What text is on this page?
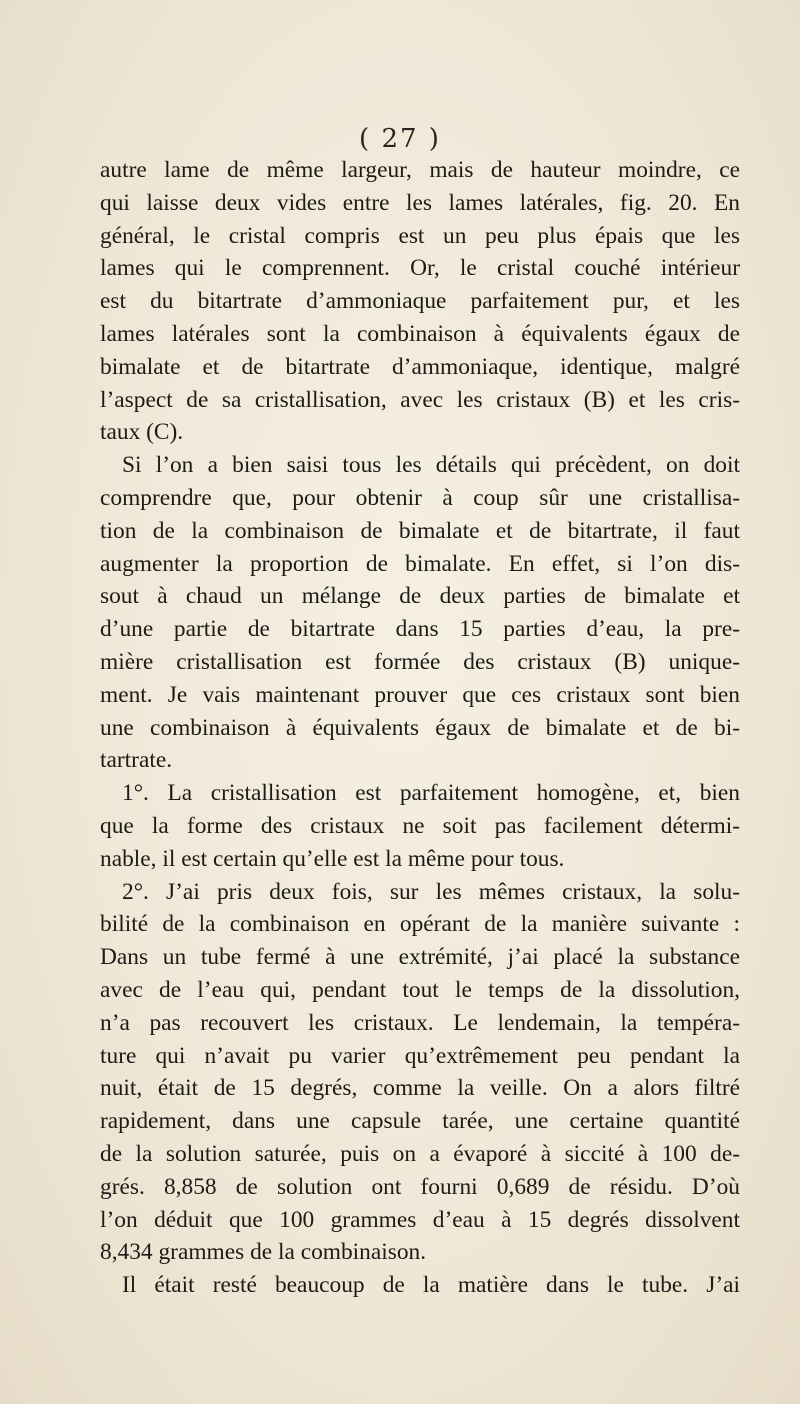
( 27 )
autre lame de même largeur, mais de hauteur moindre, ce
qui laisse deux vides entre les lames latérales, fig. 20. En
général, le cristal compris est un peu plus épais que les
lames qui le comprennent. Or, le cristal couché intérieur
est du bitartrate d’ammoniaque parfaitement pur, et les
lames latérales sont la combinaison à équivalents égaux de
bimalate et de bitartrate d’ammoniaque, identique, malgré
l’aspect de sa cristallisation, avec les cristaux (B) et les cris-
taux (C).
Si l’on a bien saisi tous les détails qui précèdent, on doit
comprendre que, pour obtenir à coup sûr une cristallisa-
tion de la combinaison de bimalate et de bitartrate, il faut
augmenter la proportion de bimalate. En effet, si l’on dis-
sout à chaud un mélange de deux parties de bimalate et
d’une partie de bitartrate dans 15 parties d’eau, la pre-
mière cristallisation est formée des cristaux (B) unique-
ment. Je vais maintenant prouver que ces cristaux sont bien
une combinaison à équivalents égaux de bimalate et de bi-
tartrate.
1°. La cristallisation est parfaitement homogène, et, bien
que la forme des cristaux ne soit pas facilement détermi-
nable, il est certain qu’elle est la même pour tous.
2°. J’ai pris deux fois, sur les mêmes cristaux, la solu-
bilité de la combinaison en opérant de la manière suivante :
Dans un tube fermé à une extrémité, j’ai placé la substance
avec de l’eau qui, pendant tout le temps de la dissolution,
n’a pas recouvert les cristaux. Le lendemain, la tempéra-
ture qui n’avait pu varier qu’extrêmement peu pendant la
nuit, était de 15 degrés, comme la veille. On a alors filtré
rapidement, dans une capsule tarée, une certaine quantité
de la solution saturée, puis on a évaporé à siccité à 100 de-
grés. 8,858 de solution ont fourni 0,689 de résidu. D’où
l’on déduit que 100 grammes d’eau à 15 degrés dissolvent
8,434 grammes de la combinaison.
Il était resté beaucoup de la matière dans le tube. J’ai
